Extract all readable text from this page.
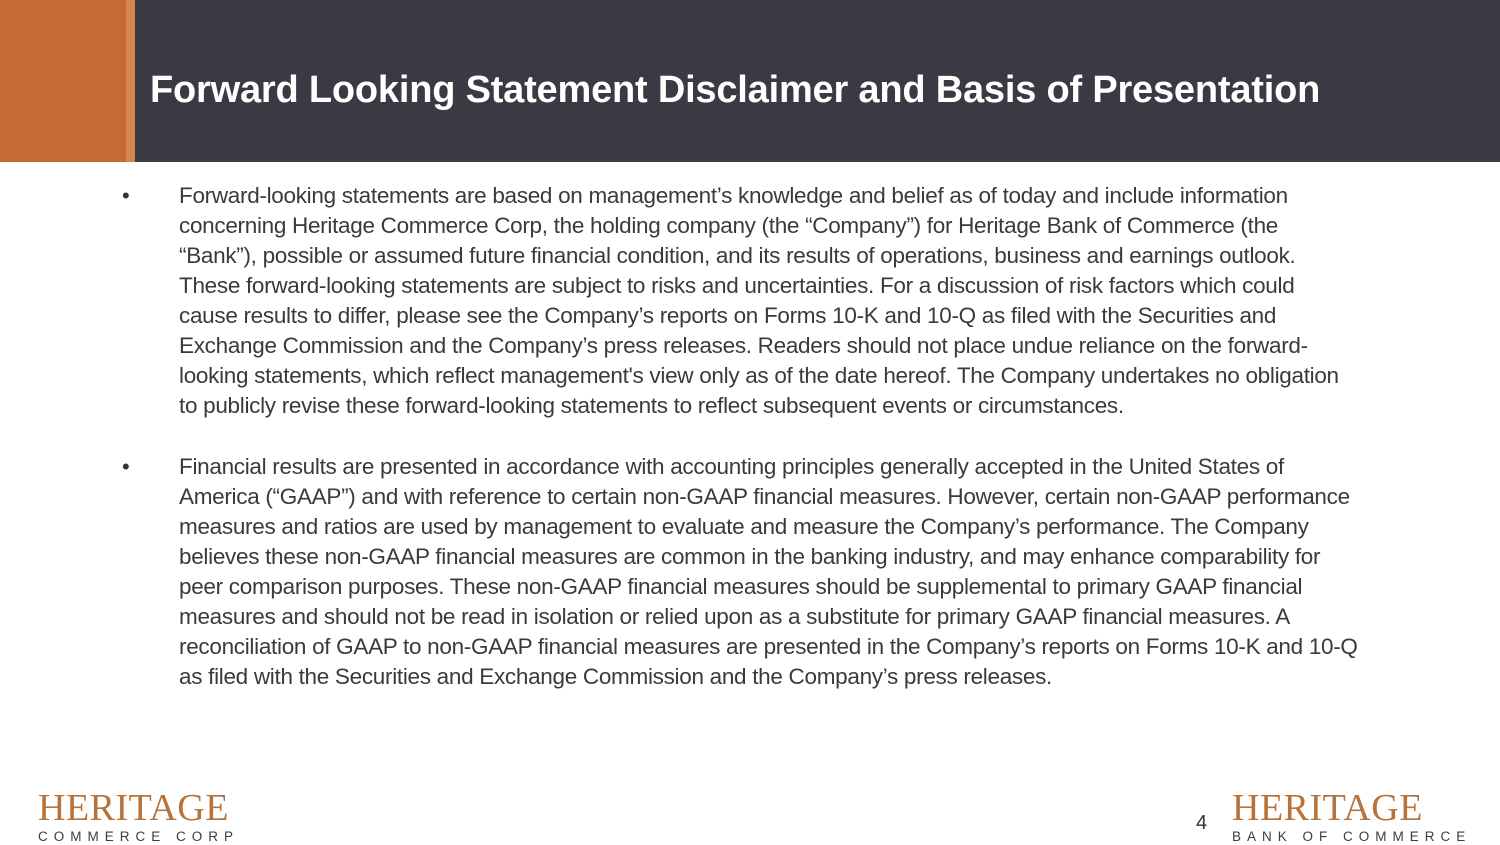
Forward Looking Statement Disclaimer and Basis of Presentation
•	Forward-looking statements are based on management’s knowledge and belief as of today and include information concerning Heritage Commerce Corp, the holding company (the “Company”) for Heritage Bank of Commerce (the “Bank”), possible or assumed future financial condition, and its results of operations, business and earnings outlook. These forward-looking statements are subject to risks and uncertainties. For a discussion of risk factors which could cause results to differ, please see the Company’s reports on Forms 10-K and 10-Q as filed with the Securities and Exchange Commission and the Company’s press releases. Readers should not place undue reliance on the forward-looking statements, which reflect management's view only as of the date hereof. The Company undertakes no obligation to publicly revise these forward-looking statements to reflect subsequent events or circumstances.
•	Financial results are presented in accordance with accounting principles generally accepted in the United States of America (“GAAP”) and with reference to certain non-GAAP financial measures. However, certain non-GAAP performance measures and ratios are used by management to evaluate and measure the Company’s performance. The Company believes these non-GAAP financial measures are common in the banking industry, and may enhance comparability for peer comparison purposes. These non-GAAP financial measures should be supplemental to primary GAAP financial measures and should not be read in isolation or relied upon as a substitute for primary GAAP financial measures. A reconciliation of GAAP to non-GAAP financial measures are presented in the Company’s reports on Forms 10-K and 10-Q as filed with the Securities and Exchange Commission and the Company’s press releases.
HERITAGE
COMMERCE CORP
4 HERITAGE
BANK OF COMMERCE
